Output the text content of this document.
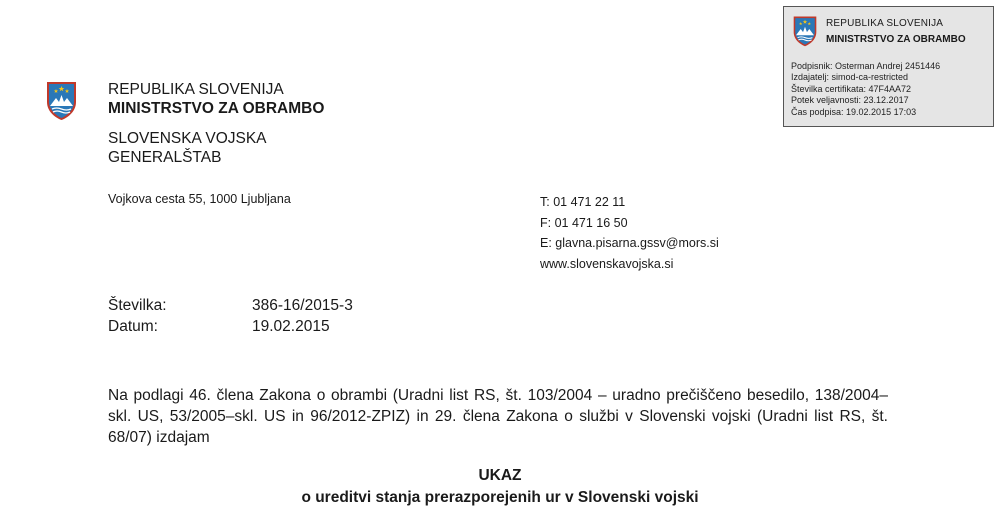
REPUBLIKA SLOVENIJA
MINISTRSTVO ZA OBRAMBO
Podpisnik: Osterman Andrej 2451446
Izdajatelj: simod-ca-restricted
Številka certifikata: 47F4AA72
Potek veljavnosti: 23.12.2017
Čas podpisa: 19.02.2015 17:03
REPUBLIKA SLOVENIJA
MINISTRSTVO ZA OBRAMBO
SLOVENSKA VOJSKA
GENERALŠTAB
Vojkova cesta 55, 1000 Ljubljana	T: 01 471 22 11
F: 01 471 16 50
E: glavna.pisarna.gssv@mors.si
www.slovenskavojska.si
Številka:	386-16/2015-3
Datum:	19.02.2015

Na podlagi 46. člena Zakona o obrambi (Uradni list RS, št. 103/2004 – uradno prečiščeno besedilo, 138/2004–skl. US, 53/2005–skl. US in 96/2012-ZPIZ) in 29. člena Zakona o službi v Slovenski vojski (Uradni list RS, št. 68/07) izdajam

UKAZ
o ureditvi stanja prerazporejenih ur v Slovenski vojski
